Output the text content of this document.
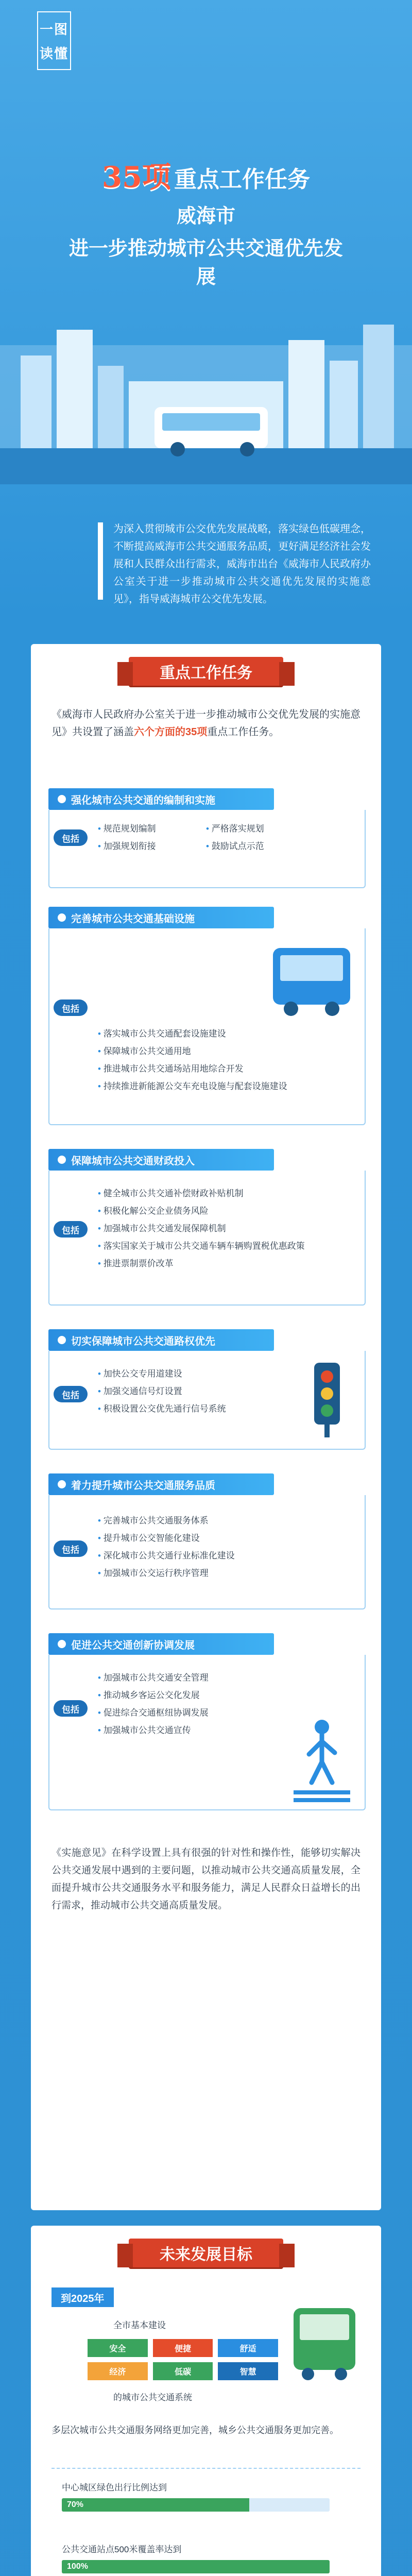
一图
读懂
35项 重点工作任务
威海市
进一步推动城市公共交通优先发展
为深入贯彻城市公交优先发展战略，落实绿色低碳理念，不断提高威海市公共交通服务品质，更好满足经济社会发展和人民群众出行需求，威海市出台《威海市人民政府办公室关于进一步推动城市公共交通优先发展的实施意见》，指导威海城市公交优先发展。
重点工作任务
《威海市人民政府办公室关于进一步推动城市公交优先发展的实施意见》共设置了涵盖六个方面的35项重点工作任务。
强化城市公共交通的编制和实施
包括
• 规范规划编制	• 严格落实规划
• 加强规划衔接	• 鼓励试点示范
完善城市公共交通基础设施
包括
• 落实城市公共交通配套设施建设
• 保障城市公共交通用地
• 推进城市公共交通场站用地综合开发
• 持续推进新能源公交车充电设施与配套设施建设
保障城市公共交通财政投入
包括
• 健全城市公共交通补偿财政补贴机制
• 积极化解公交企业债务风险
• 加强城市公共交通发展保障机制
• 落实国家关于城市公共交通车辆车辆购置税优惠政策
• 推进票制票价改革
切实保障城市公共交通路权优先
包括
• 加快公交专用道建设
• 加强交通信号灯设置
• 积极设置公交优先通行信号系统
着力提升城市公共交通服务品质
包括
• 完善城市公共交通服务体系
• 提升城市公交智能化建设
• 深化城市公共交通行业标准化建设
• 加强城市公交运行秩序管理
促进公共交通创新协调发展
包括
• 加强城市公共交通安全管理
• 推动城乡客运公交化发展
• 促进综合交通枢纽协调发展
• 加强城市公共交通宣传
《实施意见》在科学设置上具有很强的针对性和操作性，能够切实解决公共交通发展中遇到的主要问题，以推动城市公共交通高质量发展，全面提升城市公共交通服务水平和服务能力，满足人民群众日益增长的出行需求，推动城市公共交通高质量发展。
未来发展目标
到2025年
全市基本建设
安全	便捷	舒适
经济	低碳	智慧
的城市公共交通系统
多层次城市公共交通服务网络更加完善，城乡公共交通服务更加完善。
中心城区绿色出行比例达到
70%
公共交通站点500米覆盖率达到
100%
